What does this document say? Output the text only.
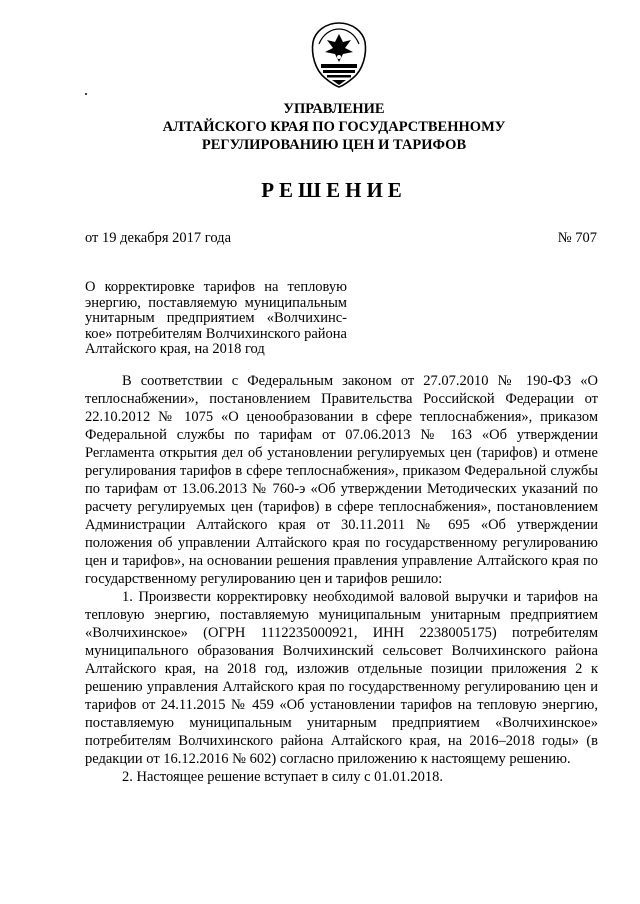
УПРАВЛЕНИЕ
АЛТАЙСКОГО КРАЯ ПО ГОСУДАРСТВЕННОМУ
РЕГУЛИРОВАНИЮ ЦЕН И ТАРИФОВ
РЕШЕНИЕ
от 19 декабря 2017 года	№ 707
О корректировке тарифов на тепловую энергию, поставляемую муниципальным унитарным предприятием «Волчихинс-кое» потребителям Волчихинского района Алтайского края, на 2018 год

В соответствии с Федеральным законом от 27.07.2010 № 190-ФЗ «О теплоснабжении», постановлением Правительства Российской Федерации от 22.10.2012 № 1075 «О ценообразовании в сфере теплоснабжения», приказом Федеральной службы по тарифам от 07.06.2013 № 163 «Об утверждении Регламента открытия дел об установлении регулируемых цен (тарифов) и отмене регулирования тарифов в сфере теплоснабжения», приказом Федеральной службы по тарифам от 13.06.2013 № 760-э «Об утверждении Методических указаний по расчету регулируемых цен (тарифов) в сфере теплоснабжения», постановлением Администрации Алтайского края от 30.11.2011 № 695 «Об утверждении положения об управлении Алтайского края по государственному регулированию цен и тарифов», на основании решения правления управление Алтайского края по государственному регулированию цен и тарифов решило:

1. Произвести корректировку необходимой валовой выручки и тарифов на тепловую энергию, поставляемую муниципальным унитарным предприятием «Волчихинское» (ОГРН 1112235000921, ИНН 2238005175) потребителям муниципального образования Волчихинский сельсовет Волчихинского района Алтайского края, на 2018 год, изложив отдельные позиции приложения 2 к решению управления Алтайского края по государственному регулированию цен и тарифов от 24.11.2015 № 459 «Об установлении тарифов на тепловую энергию, поставляемую муниципальным унитарным предприятием «Волчихинское» потребителям Волчихинского района Алтайского края, на 2016–2018 годы» (в редакции от 16.12.2016 № 602) согласно приложению к настоящему решению.

2. Настоящее решение вступает в силу с 01.01.2018.
